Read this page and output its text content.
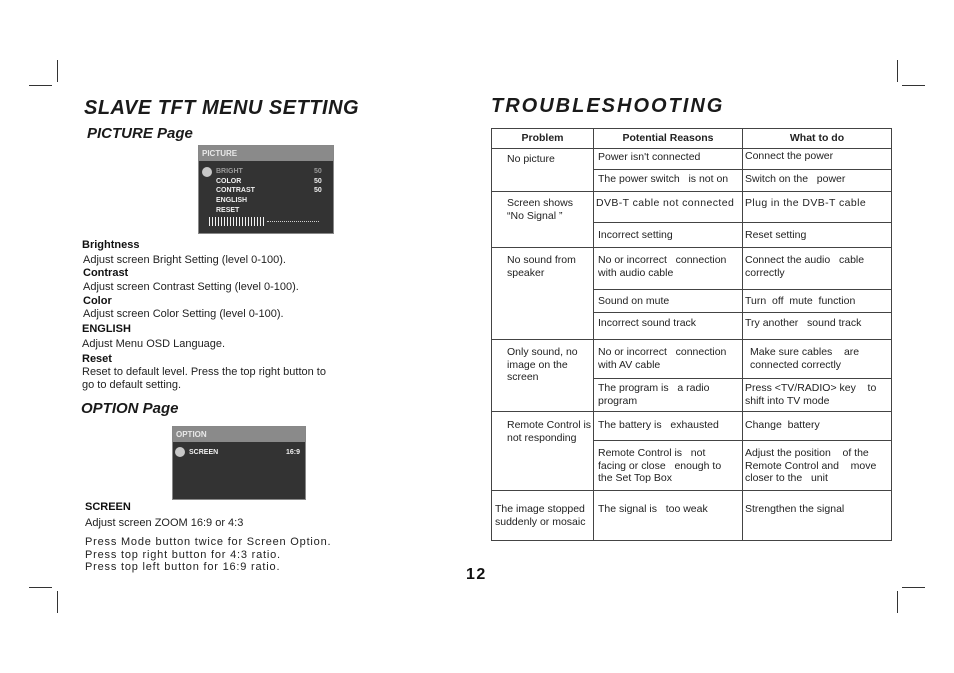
SLAVE TFT MENU SETTING
PICTURE Page
PICTURE
BRIGHT	50
COLOR	50
CONTRAST	50
ENGLISH
RESET
Brightness
Adjust screen Bright Setting (level 0-100).
Contrast
Adjust screen Contrast Setting (level 0-100).
Color
Adjust screen Color Setting (level 0-100).
ENGLISH
Adjust Menu OSD Language.
Reset
Reset to default level. Press the top right button to go to default setting.
OPTION Page
OPTION
SCREEN	16:9
SCREEN
Adjust screen ZOOM 16:9 or 4:3
Press Mode button twice for Screen Option.
Press top right button for 4:3 ratio.
Press top left button for 16:9 ratio.
TROUBLESHOOTING
Problem	Potential Reasons	What to do

No picture	Power isn't connected	Connect the power

	The power switch   is not on	Switch on the   power

Screen shows “No Signal ”	DVB-T cable not connected	Plug in the DVB-T cable

	Incorrect setting	Reset setting

No sound from speaker	No or incorrect   connection with audio cable	Connect the audio   cable correctly

	Sound on mute	Turn  off  mute  function

	Incorrect sound track	Try another   sound track

Only sound, no image on the screen	No or incorrect   connection with AV cable	Make sure cables    are connected correctly

	The program is   a radio program	Press <TV/RADIO> key    to shift into TV mode

Remote Control is not responding	The battery is   exhausted	Change  battery

	Remote Control is   not facing or close   enough to the Set Top Box	Adjust the position    of the Remote Control and    move closer to the   unit

The image stopped suddenly or mosaic	The signal is   too weak	Strengthen the signal
12
